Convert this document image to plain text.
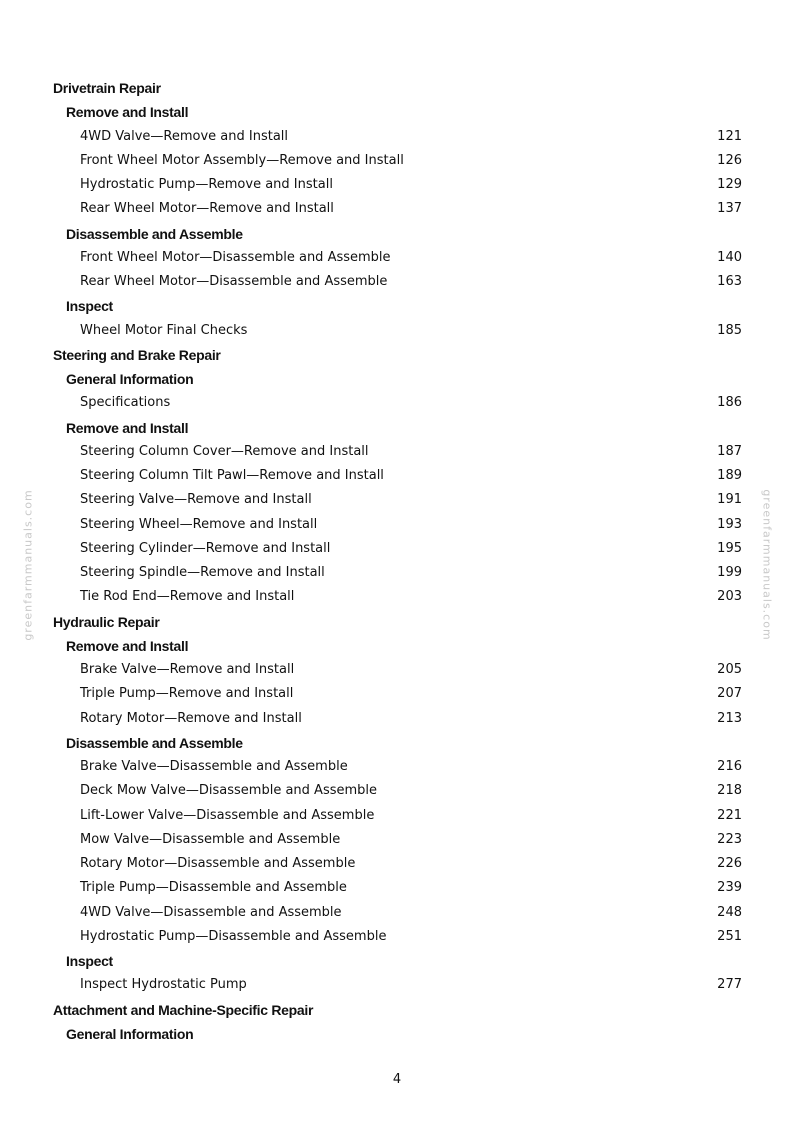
Drivetrain Repair
Remove and Install
4WD Valve—Remove and Install	121
Front Wheel Motor Assembly—Remove and Install	126
Hydrostatic Pump—Remove and Install	129
Rear Wheel Motor—Remove and Install	137
Disassemble and Assemble
Front Wheel Motor—Disassemble and Assemble	140
Rear Wheel Motor—Disassemble and Assemble	163
Inspect
Wheel Motor Final Checks	185
Steering and Brake Repair
General Information
Specifications	186
Remove and Install
Steering Column Cover—Remove and Install	187
Steering Column Tilt Pawl—Remove and Install	189
Steering Valve—Remove and Install	191
Steering Wheel—Remove and Install	193
Steering Cylinder—Remove and Install	195
Steering Spindle—Remove and Install	199
Tie Rod End—Remove and Install	203
Hydraulic Repair
Remove and Install
Brake Valve—Remove and Install	205
Triple Pump—Remove and Install	207
Rotary Motor—Remove and Install	213
Disassemble and Assemble
Brake Valve—Disassemble and Assemble	216
Deck Mow Valve—Disassemble and Assemble	218
Lift-Lower Valve—Disassemble and Assemble	221
Mow Valve—Disassemble and Assemble	223
Rotary Motor—Disassemble and Assemble	226
Triple Pump—Disassemble and Assemble	239
4WD Valve—Disassemble and Assemble	248
Hydrostatic Pump—Disassemble and Assemble	251
Inspect
Inspect Hydrostatic Pump	277
Attachment and Machine-Specific Repair
General Information
4
greenfarmmanuals.com	greenfarmmanuals.com
